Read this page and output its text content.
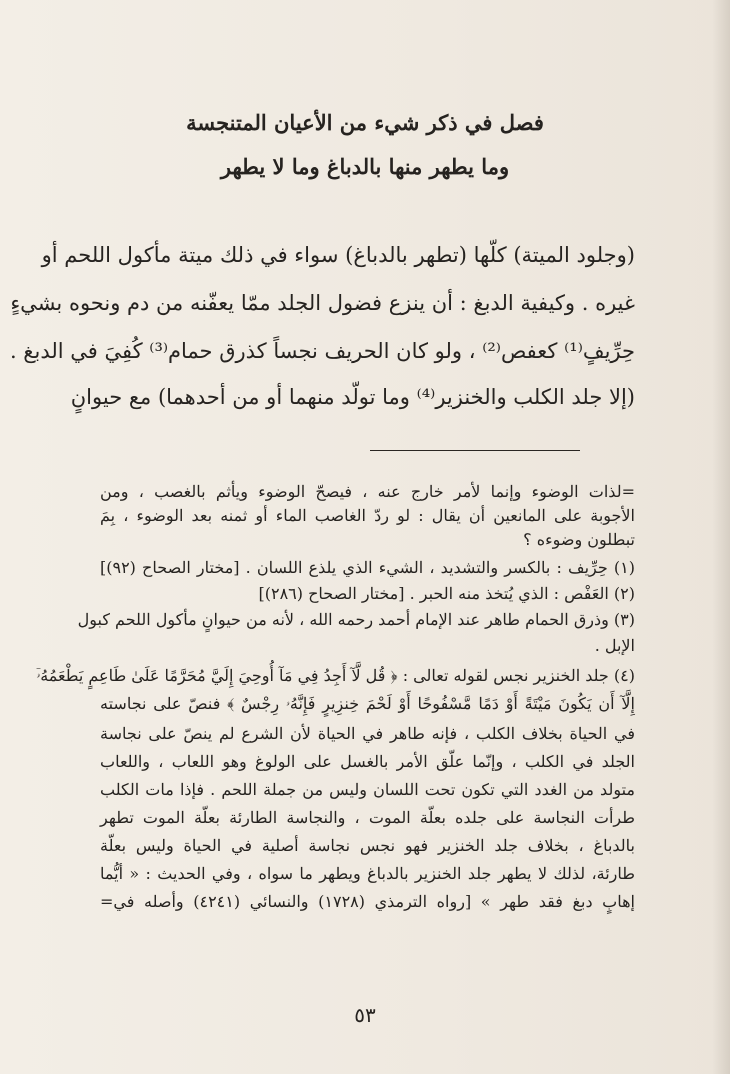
فصل في ذكر شيء من الأعيان المتنجسة
وما يطهر منها بالدباغ وما لا يطهر

(وجلود الميتة) كلّها (تطهر بالدباغ) سواء في ذلك ميتة مأكول اللحم أو

غيره . وكيفية الدبغ : أن ينزع فضول الجلد ممّا يعفّنه من دم ونحوه بشيءٍ

حِرِّيفٍ⁽¹⁾ كعفص⁽²⁾ ، ولو كان الحريف نجساً كذرق حمام⁽³⁾ كُفِيَ في الدبغ .

(إلا جلد الكلب والخنزير⁽⁴⁾ وما تولّد منهما أو من أحدهما) مع حيوانٍ

=لذات الوضوء وإنما لأمر خارج عنه ، فيصحّ الوضوء ويأثم بالغصب ، ومن

الأجوبة على المانعين أن يقال : لو ردّ الغاصب الماء أو ثمنه بعد الوضوء ، بِمَ

تبطلون وضوءه ؟

(١) حِرِّيف : بالكسر والتشديد ، الشيء الذي يلذع اللسان . [مختار الصحاح (٩٢)]

(٢) العَفْص : الذي يُتخذ منه الحبر . [مختار الصحاح (٢٨٦)]

(٣) وذرق الحمام طاهر عند الإمام أحمد رحمه الله ، لأنه من حيوانٍ مأكول اللحم كبول

الإبل .

(٤) جلد الخنزير نجس لقوله تعالى : ﴿ قُل لَّآ أَجِدُ فِي مَآ أُوحِيَ إِلَيَّ مُحَرَّمًا عَلَىٰ طَاعِمٍ يَطْعَمُهُۥٓ

إِلَّآ أَن يَكُونَ مَيْتَةً أَوْ دَمًا مَّسْفُوحًا أَوْ لَحْمَ خِنزِيرٍ فَإِنَّهُۥ رِجْسٌ ﴾ فنصّ على نجاسته

في الحياة بخلاف الكلب ، فإنه طاهر في الحياة لأن الشرع لم ينصّ على نجاسة

الجلد في الكلب ، وإنّما علّق الأمر بالغسل على الولوغ وهو اللعاب ، واللعاب

متولد من الغدد التي تكون تحت اللسان وليس من جملة اللحم . فإذا مات الكلب

طرأت النجاسة على جلده بعلّة الموت ، والنجاسة الطارئة بعلّة الموت تطهر

بالدباغ ، بخلاف جلد الخنزير فهو نجس نجاسة أصلية في الحياة وليس بعلّة

طارئة، لذلك لا يطهر جلد الخنزير بالدباغ ويطهر ما سواه ، وفي الحديث : « أيُّما

إهابٍ دبغ فقد طهر » [رواه الترمذي (١٧٢٨) والنسائي (٤٢٤١) وأصله في=

٥٣
